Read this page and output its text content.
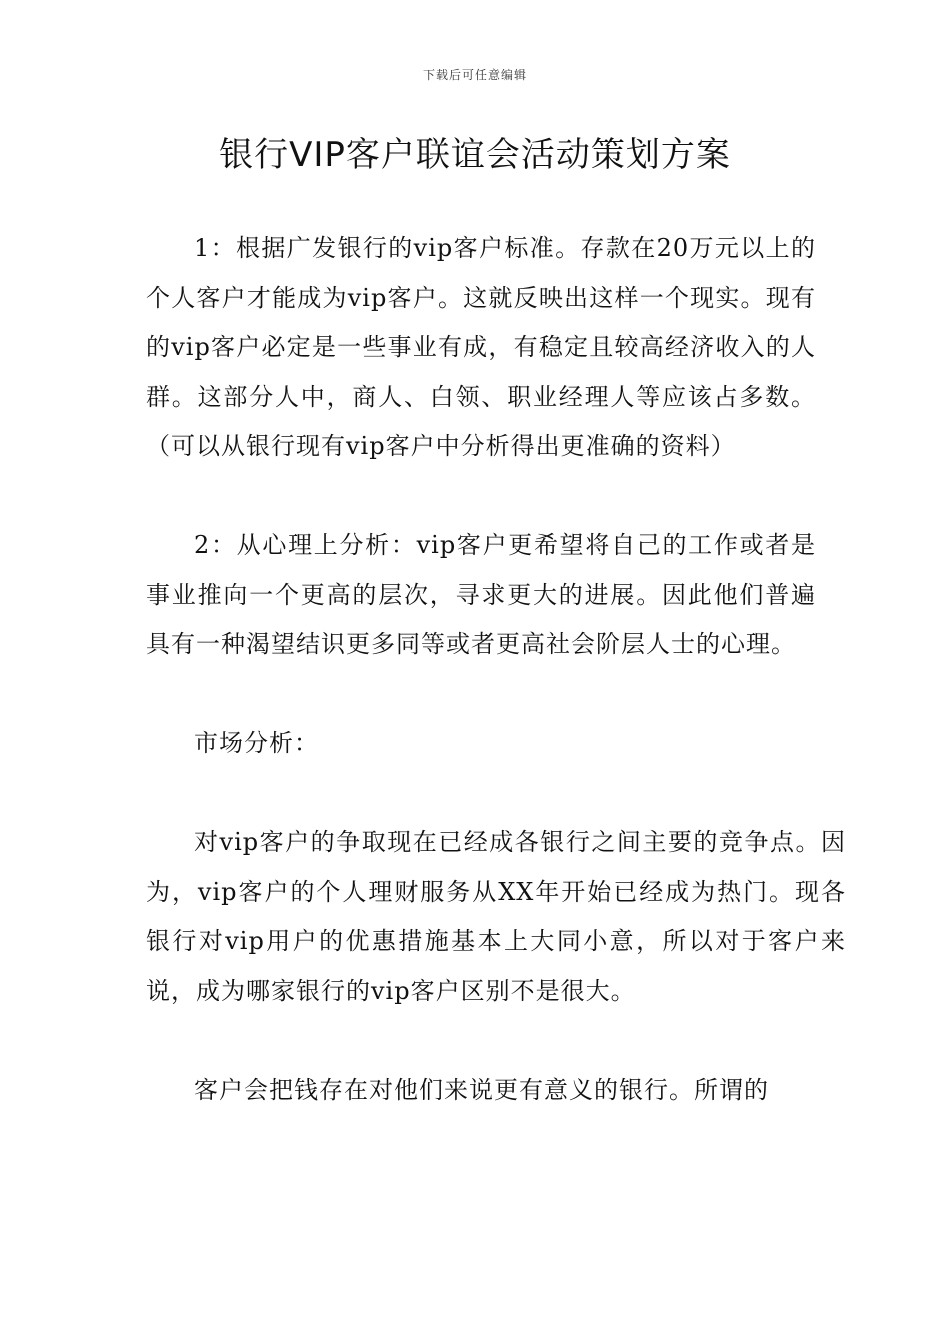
下载后可任意编辑
银行VIP客户联谊会活动策划方案

1：根据广发银行的vip客户标准。存款在20万元以上的个人客户才能成为vip客户。这就反映出这样一个现实。现有的vip客户必定是一些事业有成，有稳定且较高经济收入的人群。这部分人中，商人、白领、职业经理人等应该占多数。（可以从银行现有vip客户中分析得出更准确的资料）

2：从心理上分析：vip客户更希望将自己的工作或者是事业推向一个更高的层次，寻求更大的进展。因此他们普遍具有一种渴望结识更多同等或者更高社会阶层人士的心理。

市场分析：

对vip客户的争取现在已经成各银行之间主要的竞争点。因为，vip客户的个人理财服务从XX年开始已经成为热门。现各银行对vip用户的优惠措施基本上大同小意，所以对于客户来说，成为哪家银行的vip客户区别不是很大。

客户会把钱存在对他们来说更有意义的银行。所谓的
